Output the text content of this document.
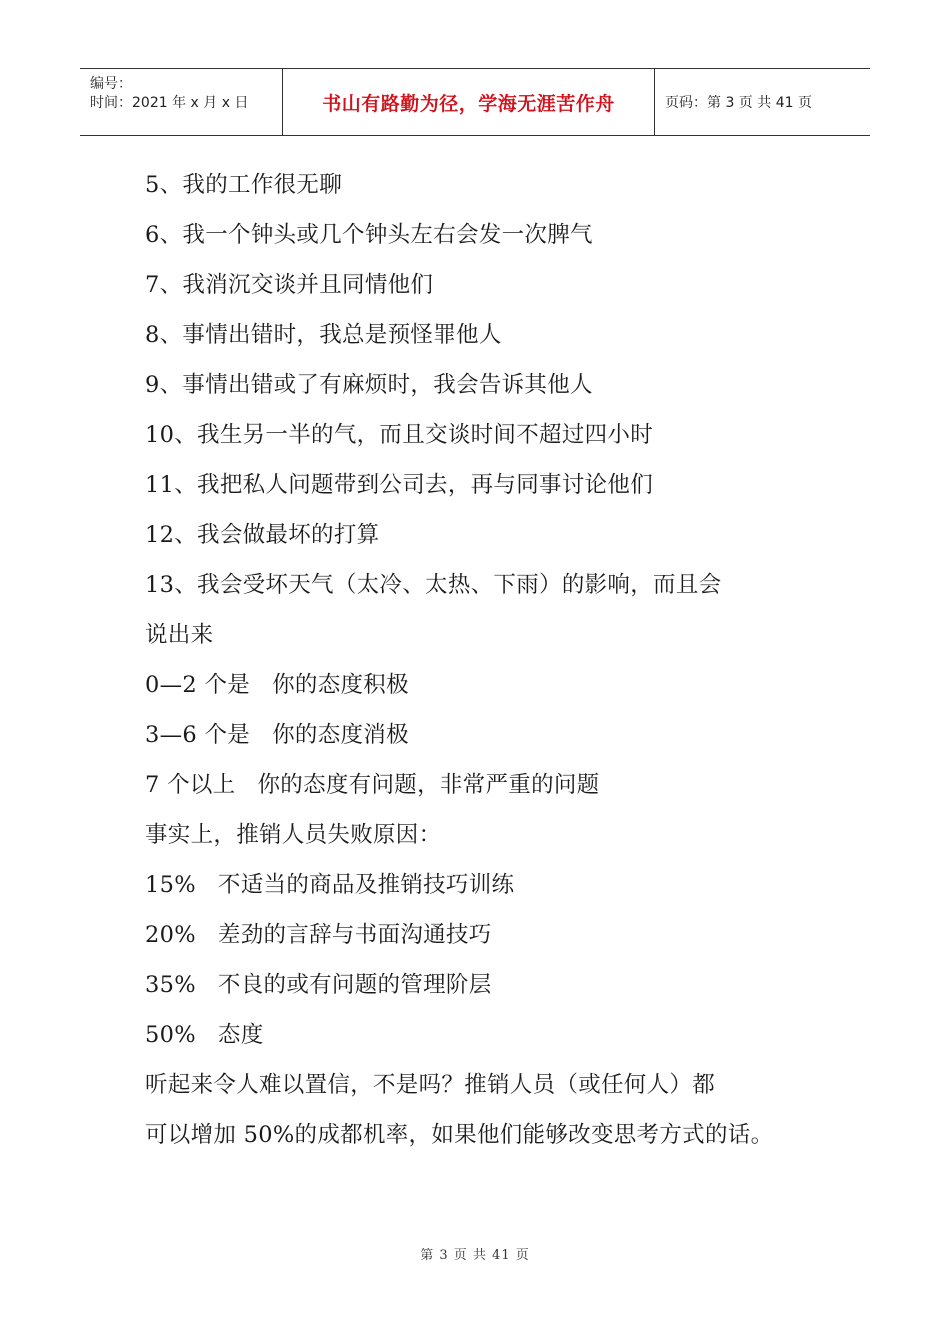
编号：
时间：2021 年 x 月 x 日	书山有路勤为径，学海无涯苦作舟	页码：第 3 页 共 41 页
5、我的工作很无聊
6、我一个钟头或几个钟头左右会发一次脾气
7、我消沉交谈并且同情他们
8、事情出错时，我总是预怪罪他人
9、事情出错或了有麻烦时，我会告诉其他人
10、我生另一半的气，而且交谈时间不超过四小时
11、我把私人问题带到公司去，再与同事讨论他们
12、我会做最坏的打算
13、我会受坏天气（太冷、太热、下雨）的影响，而且会
说出来
0—2 个是 你的态度积极
3—6 个是 你的态度消极
7 个以上 你的态度有问题，非常严重的问题
事实上，推销人员失败原因：
15% 不适当的商品及推销技巧训练
20% 差劲的言辞与书面沟通技巧
35% 不良的或有问题的管理阶层
50% 态度
听起来令人难以置信，不是吗？推销人员（或任何人）都
可以增加 50%的成都机率，如果他们能够改变思考方式的话。
第 3 页 共 41 页
